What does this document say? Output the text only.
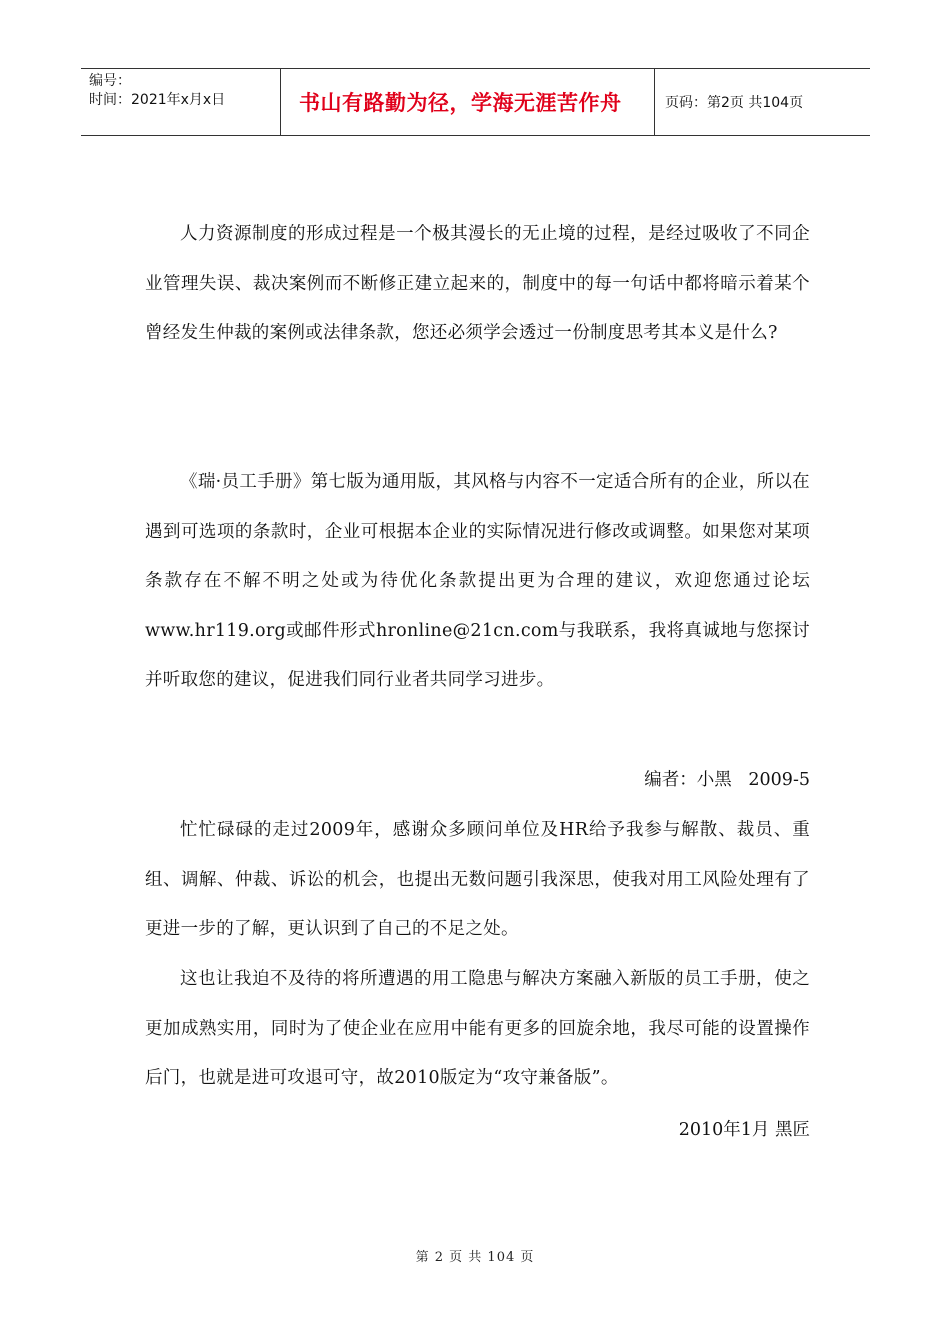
编号：
时间：2021年x月x日	书山有路勤为径，学海无涯苦作舟	页码：第2页 共104页

人力资源制度的形成过程是一个极其漫长的无止境的过程，是经过吸收了不同企业管理失误、裁决案例而不断修正建立起来的，制度中的每一句话中都将暗示着某个曾经发生仲裁的案例或法律条款，您还必须学会透过一份制度思考其本义是什么?

《瑞·员工手册》第七版为通用版，其风格与内容不一定适合所有的企业，所以在遇到可选项的条款时，企业可根据本企业的实际情况进行修改或调整。如果您对某项条款存在不解不明之处或为待优化条款提出更为合理的建议，欢迎您通过论坛www.hr119.org或邮件形式hronline@21cn.com与我联系，我将真诚地与您探讨并听取您的建议，促进我们同行业者共同学习进步。

编者：小黑   2009-5

忙忙碌碌的走过2009年，感谢众多顾问单位及HR给予我参与解散、裁员、重组、调解、仲裁、诉讼的机会，也提出无数问题引我深思，使我对用工风险处理有了更进一步的了解，更认识到了自己的不足之处。

这也让我迫不及待的将所遭遇的用工隐患与解决方案融入新版的员工手册，使之更加成熟实用，同时为了使企业在应用中能有更多的回旋余地，我尽可能的设置操作后门，也就是进可攻退可守，故2010版定为“攻守兼备版”。

2010年1月 黑匠
第 2 页 共 104 页
